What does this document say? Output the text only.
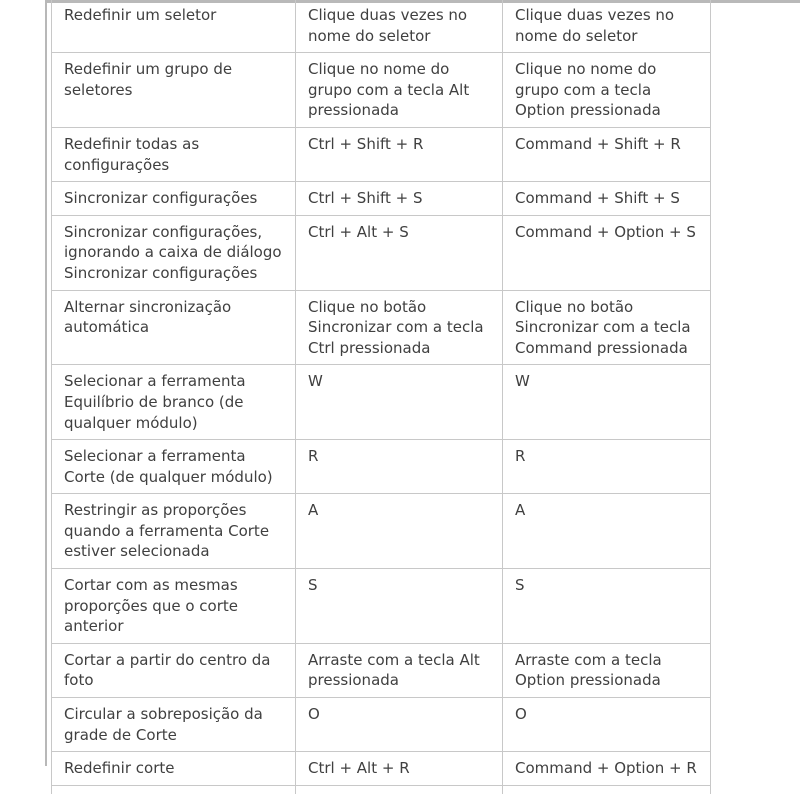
Redefinir um seletor	Clique duas vezes no nome do seletor	Clique duas vezes no nome do seletor
Redefinir um grupo de seletores	Clique no nome do grupo com a tecla Alt pressionada	Clique no nome do grupo com a tecla Option pressionada
Redefinir todas as configurações	Ctrl + Shift + R	Command + Shift + R
Sincronizar configurações	Ctrl + Shift + S	Command + Shift + S
Sincronizar configurações, ignorando a caixa de diálogo Sincronizar configurações	Ctrl + Alt + S	Command + Option + S
Alternar sincronização automática	Clique no botão Sincronizar com a tecla Ctrl pressionada	Clique no botão Sincronizar com a tecla Command pressionada
Selecionar a ferramenta Equilíbrio de branco (de qualquer módulo)	W	W
Selecionar a ferramenta Corte (de qualquer módulo)	R	R
Restringir as proporções quando a ferramenta Corte estiver selecionada	A	A
Cortar com as mesmas proporções que o corte anterior	S	S
Cortar a partir do centro da foto	Arraste com a tecla Alt pressionada	Arraste com a tecla Option pressionada
Circular a sobreposição da grade de Corte	O	O
Redefinir corte	Ctrl + Alt + R	Command + Option + R
